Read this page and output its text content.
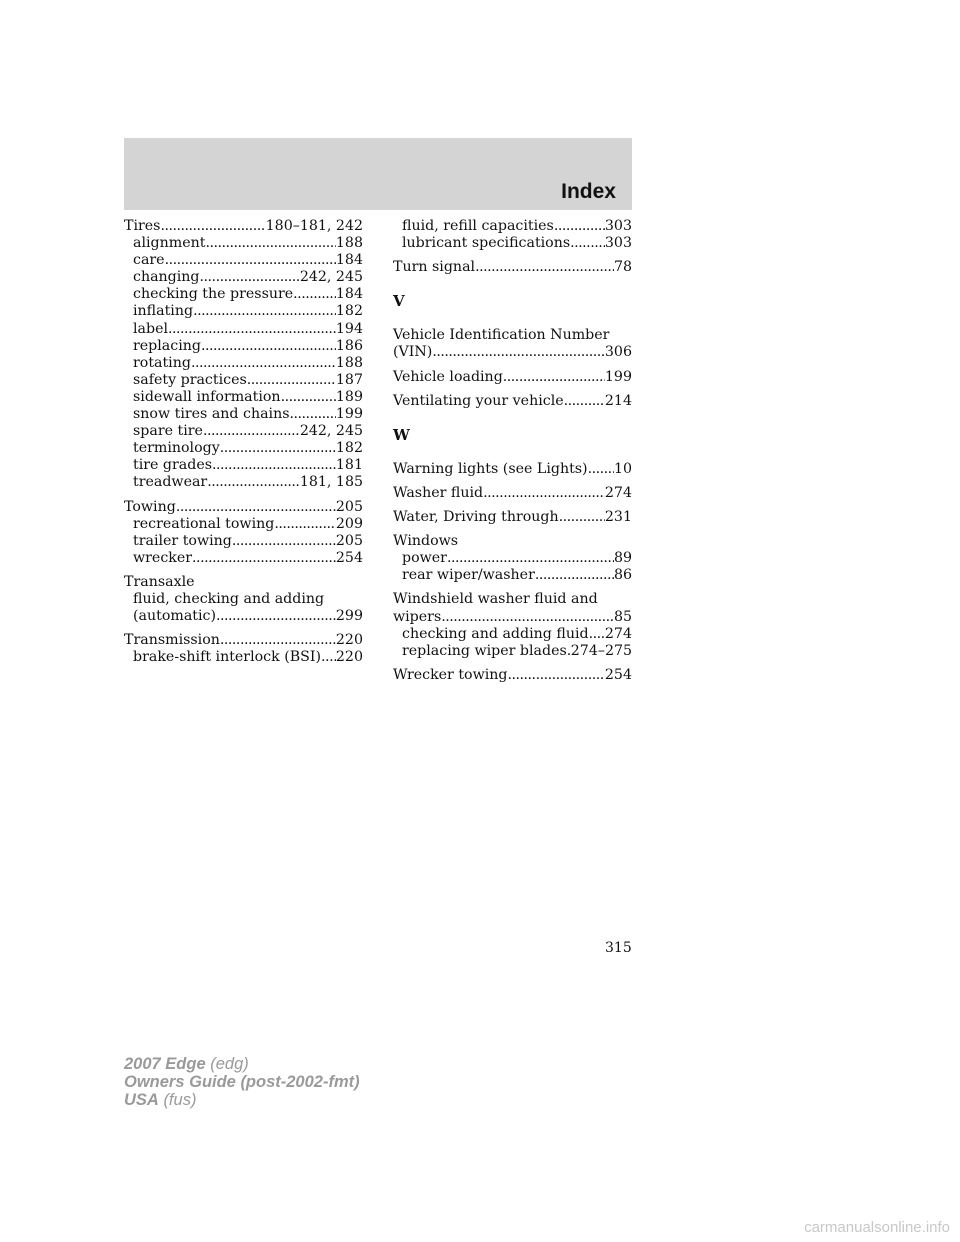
Index
Tires .....	180–181, 242
alignment .....	188
care .....	184
changing .....	242, 245
checking the pressure .....	184
inflating .....	182
label .....	194
replacing .....	186
rotating .....	188
safety practices .....	187
sidewall information .....	189
snow tires and chains .....	199
spare tire .....	242, 245
terminology .....	182
tire grades .....	181
treadwear .....	181, 185
Towing .....	205
recreational towing .....	209
trailer towing .....	205
wrecker .....	254
Transaxle
fluid, checking and adding
(automatic) .....	299
Transmission .....	220
brake-shift interlock (BSI) ..... 220
fluid, refill capacities .....	303
lubricant specifications ..... 303
Turn signal .....	78
V
Vehicle Identification Number
(VIN) .....	306
Vehicle loading .....	199
Ventilating your vehicle .....	214
W
Warning lights (see Lights) ..... 10
Washer fluid .....	274
Water, Driving through .....	231
Windows
power .....	89
rear wiper/washer .....	86
Windshield washer fluid and
wipers .....	85
checking and adding fluid ..... 274
replacing wiper blades ..... 274–275
Wrecker towing .....	254
315
2007 Edge (edg)
Owners Guide (post-2002-fmt)
USA (fus)
carmanualsonline.info
